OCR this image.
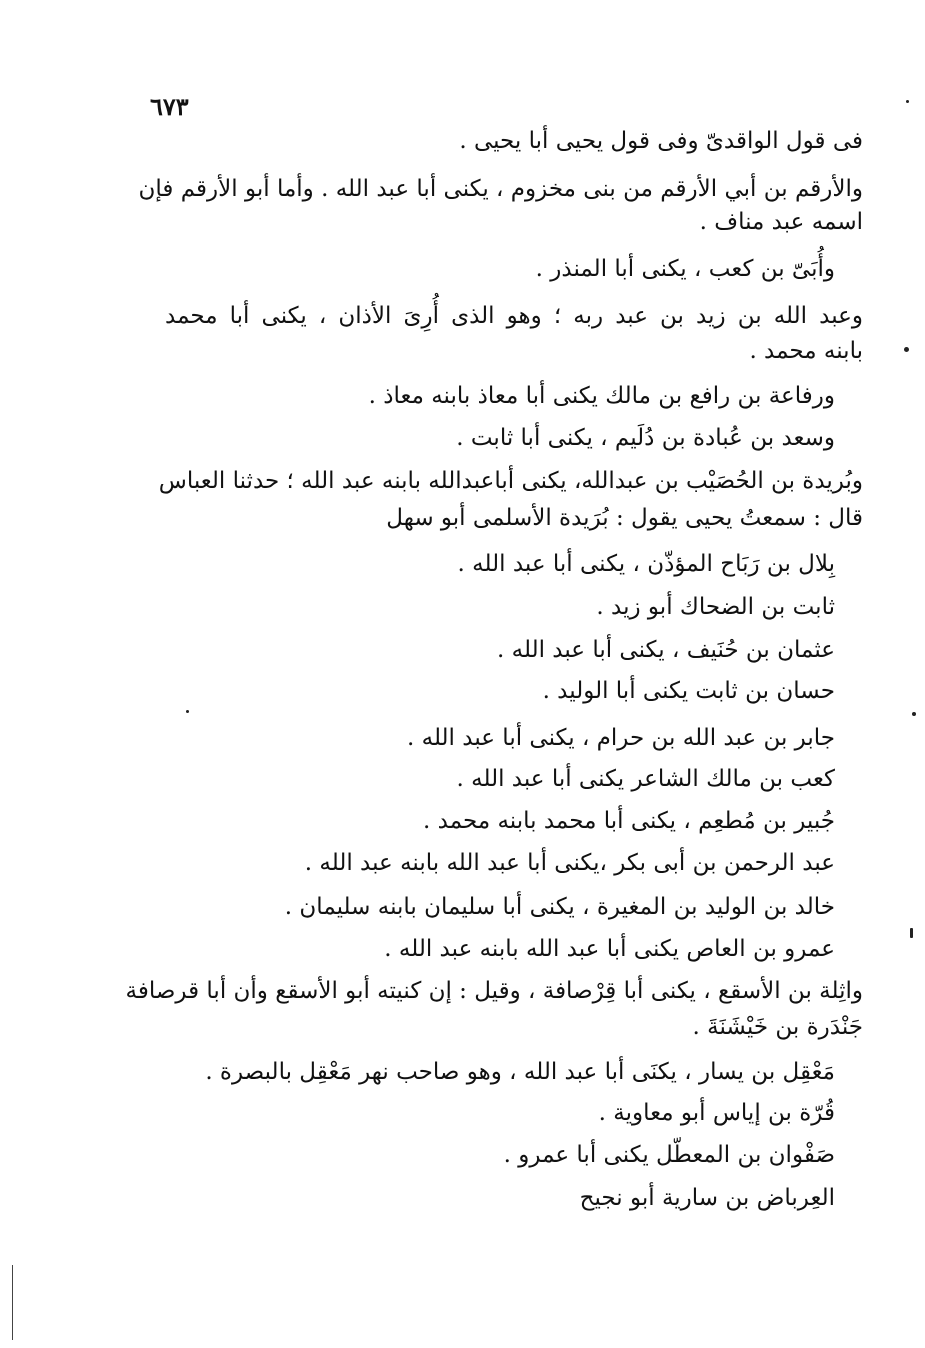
٦٧٣
فى قول الواقدىّ وفى قول يحيى أبا يحيى .
والأرقم بن أبي الأرقم من بنى مخزوم ، يكنى أبا عبد الله . وأما أبو الأرقم فإن
اسمه عبد مناف .
وأُبَىّ بن كعب ، يكنى أبا المنذر .
وعبد الله بن زيد بن عبد ربه ؛ وهو الذى أُرِىَ الأذان ، يكنى أبا محمد
بابنه محمد .
ورفاعة بن رافع بن مالك يكنى أبا معاذ بابنه معاذ .
وسعد بن عُبادة بن دُلَيم ، يكنى أبا ثابت .
وبُريدة بن الحُصَيْب بن عبدالله، يكنى أباعبدالله بابنه عبد الله ؛ حدثنا العباس
قال : سمعتُ يحيى يقول : بُرَيدة الأسلمى أبو سهل
بِلال بن رَبَاح المؤذّن ، يكنى أبا عبد الله .
ثابت بن الضحاك أبو زيد .
عثمان بن حُنَيف ، يكنى أبا عبد الله .
حسان بن ثابت يكنى أبا الوليد .
جابر بن عبد الله بن حرام ، يكنى أبا عبد الله .
كعب بن مالك الشاعر يكنى أبا عبد الله .
جُبير بن مُطعِم ، يكنى أبا محمد بابنه محمد .
عبد الرحمن بن أبى بكر ،يكنى أبا عبد الله بابنه عبد الله .
خالد بن الوليد بن المغيرة ، يكنى أبا سليمان بابنه سليمان .
عمرو بن العاص يكنى أبا عبد الله بابنه عبد الله .
واثِلة بن الأسقع ، يكنى أبا قِرْصافة ، وقيل : إن كنيته أبو الأسقع وأن أبا قرصافة
جَنْدَرة بن خَيْشَنَةَ .
مَعْقِل بن يسار ، يكنَى أبا عبد الله ، وهو صاحب نهر مَعْقِل بالبصرة .
قُرّة بن إياس أبو معاوية .
صَفْوان بن المعطّل يكنى أبا عمرو .
العِرباض بن سارية أبو نجيح
